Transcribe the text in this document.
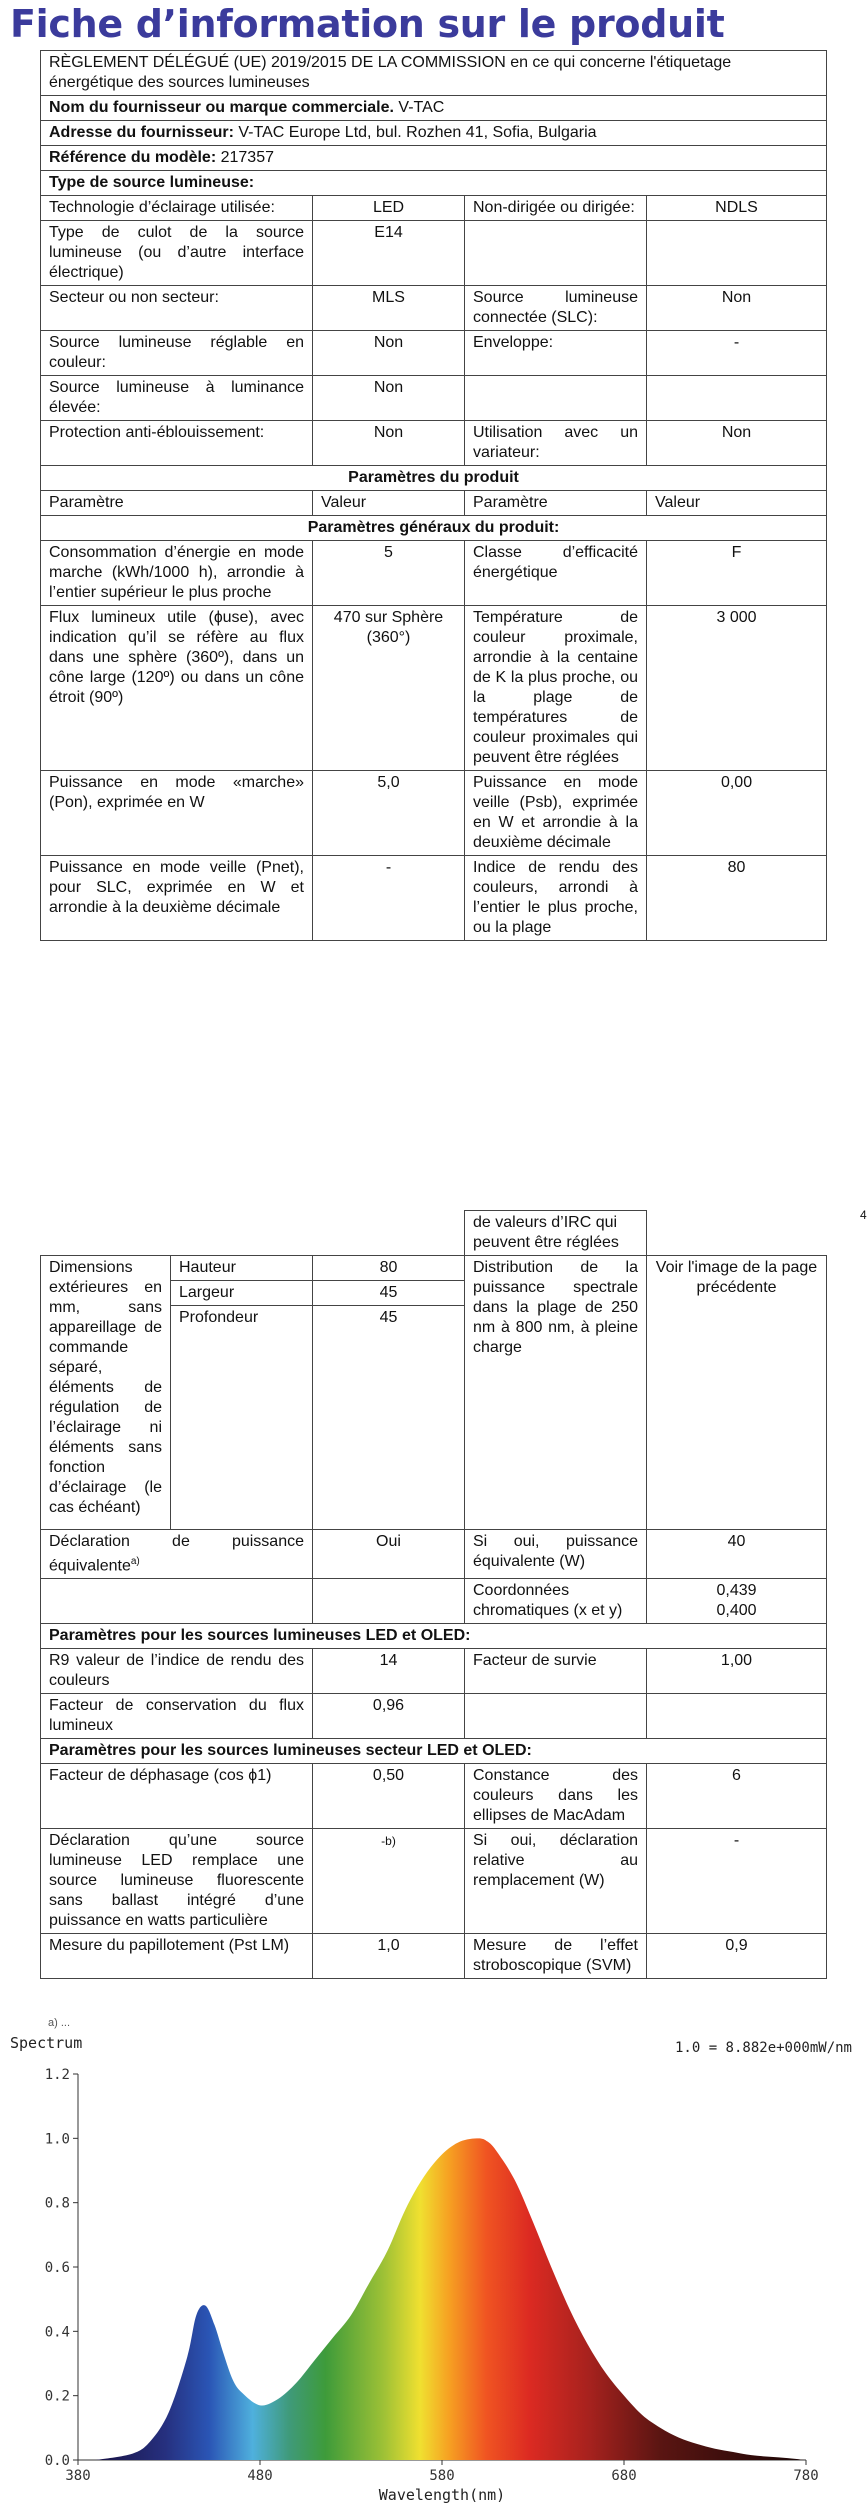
Fiche d’information sur le produit
RÈGLEMENT DÉLÉGUÉ (UE) 2019/2015 DE LA COMMISSION en ce qui concerne l'étiquetage énergétique des sources lumineuses			
Nom du fournisseur ou marque commerciale. V-TAC			
Adresse du fournisseur: V-TAC Europe Ltd, bul. Rozhen 41, Sofia, Bulgaria			
Référence du modèle: 217357			
Type de source lumineuse:			
Technologie d’éclairage utilisée:	LED	Non-dirigée ou dirigée:	NDLS
Type de culot de la source lumineuse (ou d’autre interface électrique)	E14		
Secteur ou non secteur:	MLS	Source lumineuse connectée (SLC):	Non
Source lumineuse réglable en couleur:	Non	Enveloppe:	-
Source lumineuse à luminance élevée:	Non		
Protection anti-éblouissement:	Non	Utilisation avec un variateur:	Non
Paramètres du produit			
Paramètre	Valeur	Paramètre	Valeur
Paramètres généraux du produit:			
Consommation d’énergie en mode marche (kWh/1000 h), arrondie à l’entier supérieur le plus proche	5	Classe d’efficacité énergétique	F
Flux lumineux utile (ɸuse), avec indication qu’il se réfère au flux dans une sphère (360º), dans un cône large (120º) ou dans un cône étroit (90º)	470 sur Sphère (360°)	Température de couleur proximale, arrondie à la centaine de K la plus proche, ou la plage de températures de couleur proximales qui peuvent être réglées	3 000
Puissance en mode «marche» (Pon), exprimée en W	5,0	Puissance en mode veille (Psb), exprimée en W et arrondie à la deuxième décimale	0,00
Puissance en mode veille (Pnet), pour SLC, exprimée en W et arrondie à la deuxième décimale	-	Indice de rendu des couleurs, arrondi à l’entier le plus proche, ou la plage	80
			de valeurs d’IRC qui peuvent être réglées	
Dimensions extérieures en mm, sans appareillage de commande séparé, éléments de régulation de l’éclairage ni éléments sans fonction d’éclairage (le cas échéant)	Hauteur	80	Distribution de la puissance spectrale dans la plage de 250 nm à 800 nm, à pleine charge	Voir l'image de la page précédente
	Largeur	45		
	Profondeur	45		
Déclaration de puissance équivalente$^{a)}$		Oui	Si oui, puissance équivalente (W)	40
			Coordonnées chromatiques (x et y)	0,439
0,400

Paramètres pour les sources lumineuses LED et OLED:				
R9 valeur de l’indice de rendu des couleurs		14	Facteur de survie	1,00
Facteur de conservation du flux lumineux		0,96		
Paramètres pour les sources lumineuses secteur LED et OLED:				
Facteur de déphasage (cos ϕ1)		0,50	Constance des couleurs dans les ellipses de MacAdam	6
Déclaration qu’une source lumineuse LED remplace une source lumineuse fluorescente sans ballast intégré d’une puissance en watts particulière		-b)	Si oui, déclaration relative au remplacement (W)	-
Mesure du papillotement (Pst LM)		1,0	Mesure de l’effet stroboscopique (SVM)	0,9
4
a) ...
Spectrum	1.0 = 8.882e+000mW/nm
0.0
0.2
0.4
0.6
0.8
1.0
1.2
380	480	580	680	780
Wavelength(nm)
